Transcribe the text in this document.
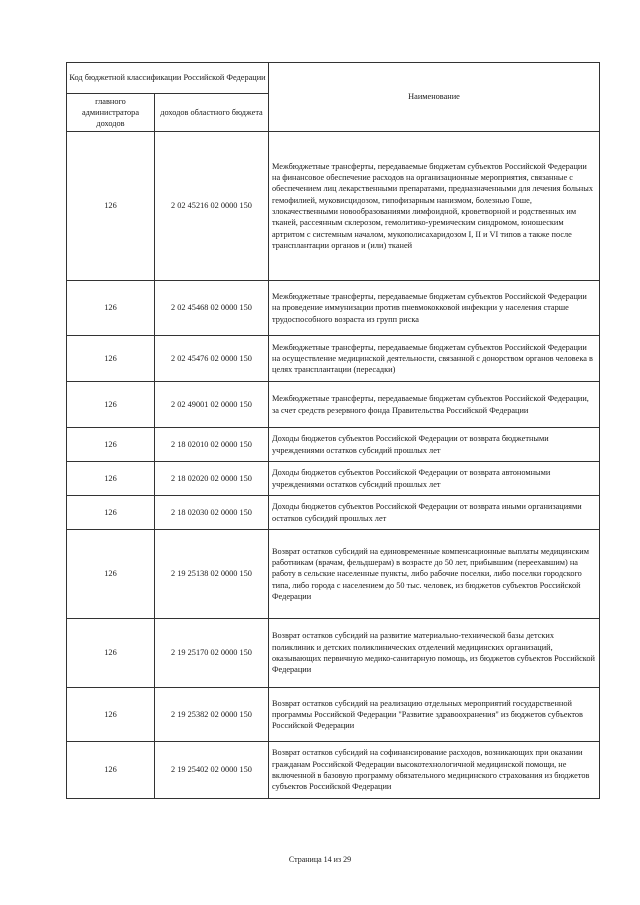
Код бюджетной классификации Российской Федерации		Наименование
главного администратора доходов	доходов областного бюджета	
126	2 02 45216 02 0000 150	Межбюджетные трансферты, передаваемые бюджетам субъектов Российской Федерации на финансовое обеспечение расходов на организационные мероприятия, связанные с обеспечением лиц лекарственными препаратами, предназначенными для лечения больных гемофилией, муковисцидозом, гипофизарным нанизмом, болезнью Гоше, злокачественными новообразованиями лимфоидной, кроветворной и родственных им тканей, рассеянным склерозом, гемолитико-уремическим синдромом, юношеским артритом с системным началом, мукополисахаридозом I, II и VI типов а также после трансплантации органов и (или) тканей
126	2 02 45468 02 0000 150	Межбюджетные трансферты, передаваемые бюджетам субъектов Российской Федерации на проведение иммунизации против пневмококковой инфекции у населения старше трудоспособного возраста из групп риска
126	2 02 45476 02 0000 150	Межбюджетные трансферты, передаваемые бюджетам субъектов Российской Федерации на осуществление медицинской деятельности, связанной с донорством органов человека в целях трансплантации (пересадки)
126	2 02 49001 02 0000 150	Межбюджетные трансферты, передаваемые бюджетам субъектов Российской Федерации, за счет средств резервного фонда Правительства Российской Федерации
126	2 18 02010 02 0000 150	Доходы бюджетов субъектов Российской Федерации от возврата бюджетными учреждениями остатков субсидий прошлых лет
126	2 18 02020 02 0000 150	Доходы бюджетов субъектов Российской Федерации от возврата автономными учреждениями остатков субсидий прошлых лет
126	2 18 02030 02 0000 150	Доходы бюджетов субъектов Российской Федерации от возврата иными организациями остатков субсидий прошлых лет
126	2 19 25138 02 0000 150	Возврат остатков субсидий на единовременные компенсационные выплаты медицинским работникам (врачам, фельдшерам) в возрасте до 50 лет, прибывшим (переехавшим) на работу в сельские населенные пункты, либо рабочие поселки, либо поселки городского типа, либо города с населением до 50 тыс. человек, из бюджетов субъектов Российской Федерации
126	2 19 25170 02 0000 150	Возврат остатков субсидий на развитие материально-технической базы детских поликлиник и детских поликлинических отделений медицинских организаций, оказывающих первичную медико-санитарную помощь, из бюджетов субъектов Российской Федерации
126	2 19 25382 02 0000 150	Возврат остатков субсидий на реализацию отдельных мероприятий государственной программы Российской Федерации "Развитие здравоохранения" из бюджетов субъектов Российской Федерации
126	2 19 25402 02 0000 150	Возврат остатков субсидий на софинансирование расходов, возникающих при оказании гражданам Российской Федерации высокотехнологичной медицинской помощи, не включенной в базовую программу обязательного медицинского страхования из бюджетов субъектов Российской Федерации
Страница 14 из 29
